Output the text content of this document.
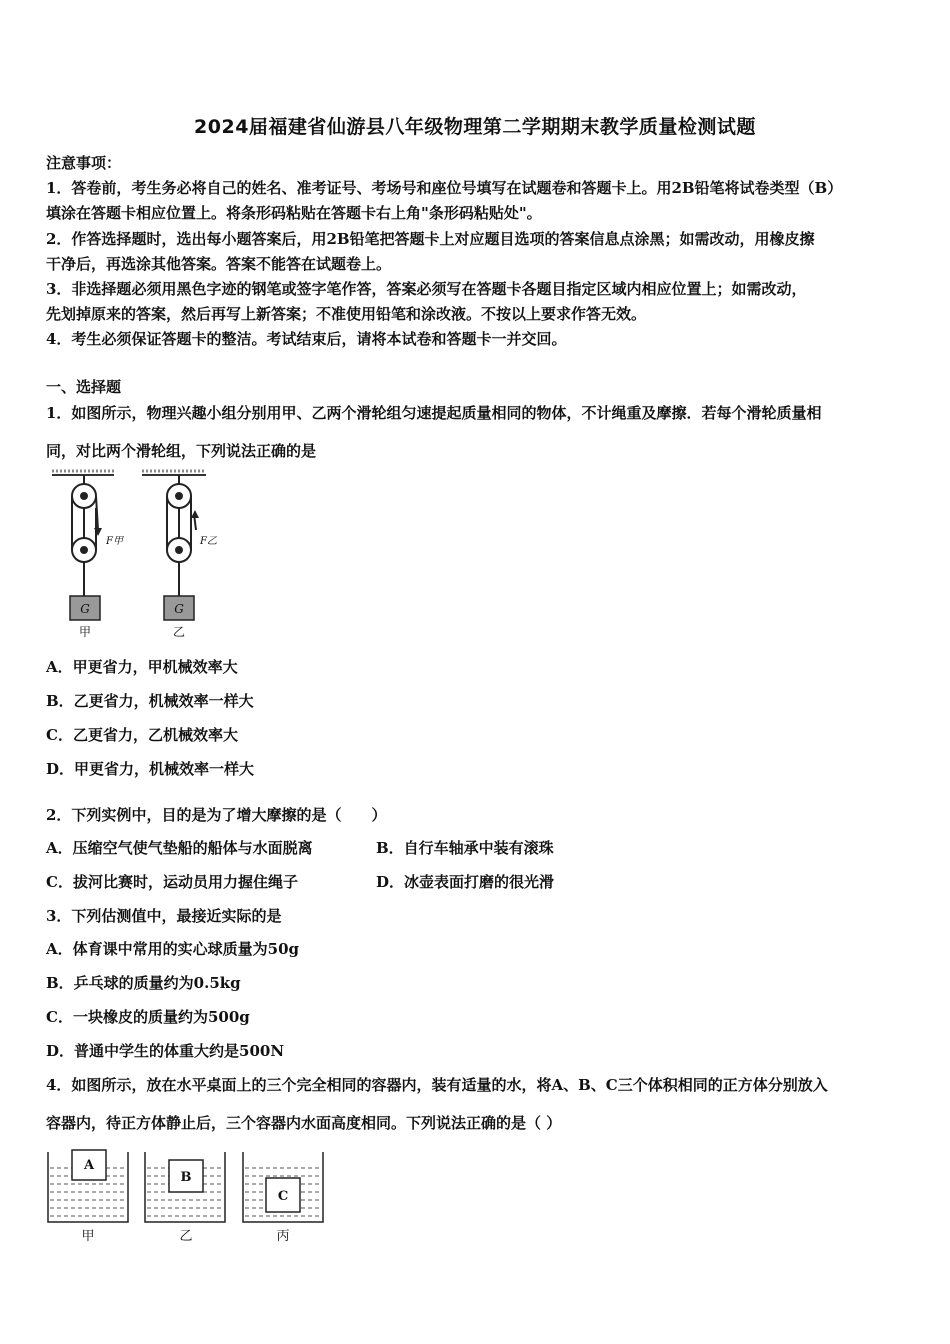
2024届福建省仙游县八年级物理第二学期期末教学质量检测试题
注意事项：
1．答卷前，考生务必将自己的姓名、准考证号、考场号和座位号填写在试题卷和答题卡上。用2B铅笔将试卷类型（B）
填涂在答题卡相应位置上。将条形码粘贴在答题卡右上角"条形码粘贴处"。
2．作答选择题时，选出每小题答案后，用2B铅笔把答题卡上对应题目选项的答案信息点涂黑；如需改动，用橡皮擦
干净后，再选涂其他答案。答案不能答在试题卷上。
3．非选择题必须用黑色字迹的钢笔或签字笔作答，答案必须写在答题卡各题目指定区域内相应位置上；如需改动，
先划掉原来的答案，然后再写上新答案；不准使用铅笔和涂改液。不按以上要求作答无效。
4．考生必须保证答题卡的整洁。考试结束后，请将本试卷和答题卡一并交回。
一、选择题
1．如图所示，物理兴趣小组分别用甲、乙两个滑轮组匀速提起质量相同的物体，不计绳重及摩擦．若每个滑轮质量相
同，对比两个滑轮组，下列说法正确的是
G
F甲
甲
G
F乙
乙
A．甲更省力，甲机械效率大
B．乙更省力，机械效率一样大
C．乙更省力，乙机械效率大
D．甲更省力，机械效率一样大
2．下列实例中，目的是为了增大摩擦的是（　　）
A．压缩空气使气垫船的船体与水面脱离	B．自行车轴承中装有滚珠
C．拔河比赛时，运动员用力握住绳子	D．冰壶表面打磨的很光滑
3．下列估测值中，最接近实际的是
A．体育课中常用的实心球质量为50g
B．乒乓球的质量约为0.5kg
C．一块橡皮的质量约为500g
D．普通中学生的体重大约是500N
4．如图所示，放在水平桌面上的三个完全相同的容器内，装有适量的水，将A、B、C三个体积相同的正方体分别放入
容器内，待正方体静止后，三个容器内水面高度相同。下列说法正确的是（ ）
A
甲
B
乙
C
丙
